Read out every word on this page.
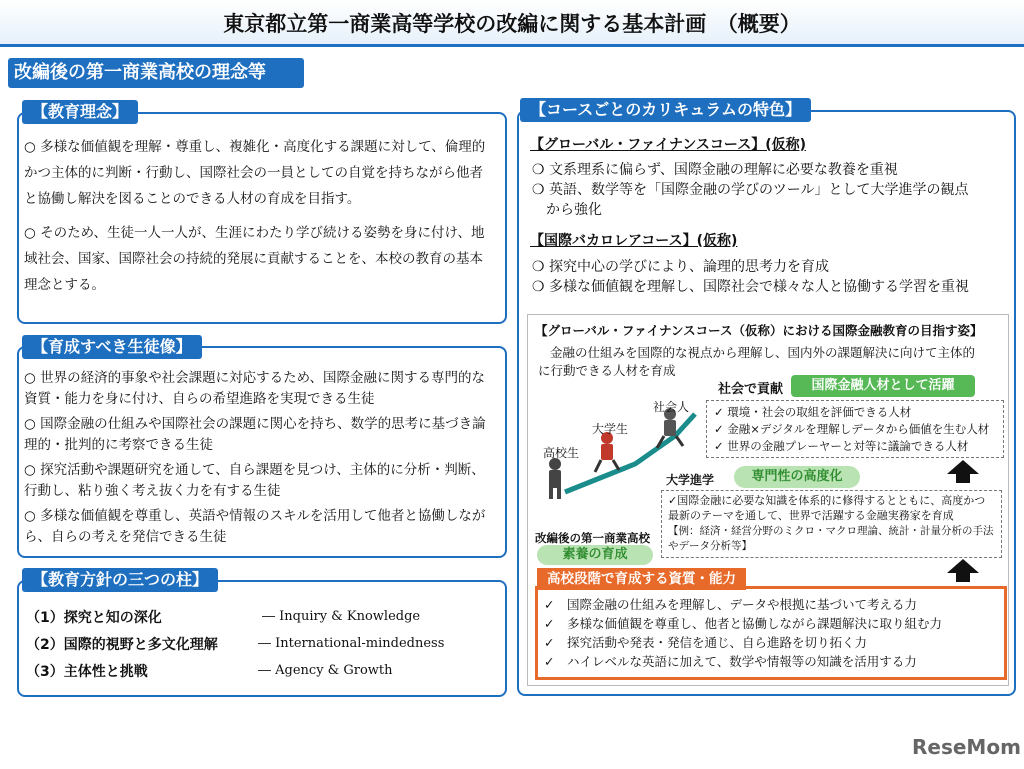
東京都立第一商業高等学校の改編に関する基本計画　（概要）
改編後の第一商業高校の理念等
【教育理念】
○ 多様な価値観を理解・尊重し、複雑化・高度化する課題に対して、倫理的かつ主体的に判断・行動し、国際社会の一員としての自覚を持ちながら他者と協働し解決を図ることのできる人材の育成を目指す。
○ そのため、生徒一人一人が、生涯にわたり学び続ける姿勢を身に付け、地域社会、国家、国際社会の持続的発展に貢献することを、本校の教育の基本理念とする。
【育成すべき生徒像】
○ 世界の経済的事象や社会課題に対応するため、国際金融に関する専門的な資質・能力を身に付け、自らの希望進路を実現できる生徒
○ 国際金融の仕組みや国際社会の課題に関心を持ち、数学的思考に基づき論理的・批判的に考察できる生徒
○ 探究活動や課題研究を通して、自ら課題を見つけ、主体的に分析・判断、行動し、粘り強く考え抜く力を有する生徒
○ 多様な価値観を尊重し、英語や情報のスキルを活用して他者と協働しながら、自らの考えを発信できる生徒
【教育方針の三つの柱】
（1）探究と知の深化	― Inquiry & Knowledge
（2）国際的視野と多文化理解	― International-mindedness
（3）主体性と挑戦	― Agency & Growth
【コースごとのカリキュラムの特色】
【グローバル・ファイナンスコース】(仮称)
❍ 文系理系に偏らず、国際金融の理解に必要な教養を重視
❍ 英語、数学等を「国際金融の学びのツール」として大学進学の観点
　から強化
【国際バカロレアコース】(仮称)
❍ 探究中心の学びにより、論理的思考力を育成
❍ 多様な価値観を理解し、国際社会で様々な人と協働する学習を重視
【グローバル・ファイナンスコース（仮称）における国際金融教育の目指す姿】
金融の仕組みを国際的な視点から理解し、国内外の課題解決に向けて主体的に行動できる人材を育成
社会で貢献	国際金融人材として活躍
✓ 環境・社会の取組を評価できる人材
✓ 金融×デジタルを理解しデータから価値を生む人材
✓ 世界の金融プレーヤーと対等に議論できる人材
社会人
大学生
高校生
大学進学	専門性の高度化
✓国際金融に必要な知識を体系的に修得するとともに、高度かつ最新のテーマを通して、世界で活躍する金融実務家を育成
【例：経済・経営分野のミクロ・マクロ理論、統計・計量分析の手法やデータ分析等】
改編後の第一商業高校
素養の育成
高校段階で育成する資質・能力
✓　国際金融の仕組みを理解し、データや根拠に基づいて考える力
✓　多様な価値観を尊重し、他者と協働しながら課題解決に取り組む力
✓　探究活動や発表・発信を通じ、自ら進路を切り拓く力
✓　ハイレベルな英語に加えて、数学や情報等の知識を活用する力
ReseMom
